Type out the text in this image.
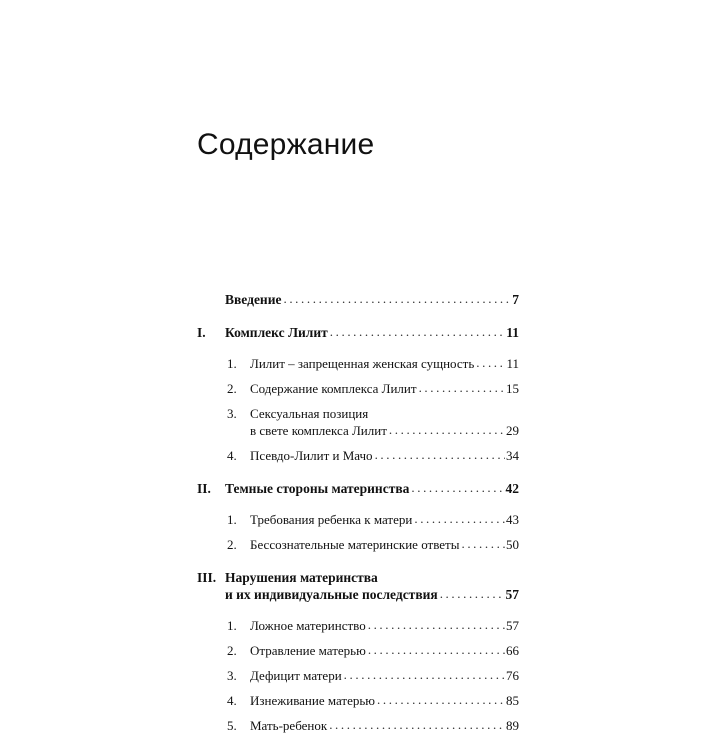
Содержание
Введение .....	7
I.	Комплекс Лилит .....	11
1.	Лилит – запрещенная женская сущность ..... 11
2.	Содержание комплекса Лилит .....	15
3.	Сексуальная позиция
в свете комплекса Лилит .....	29
4.	Псевдо-Лилит и Мачо .....	34
II.	Темные стороны материнства .....	42
1.	Требования ребенка к матери .....	43
2.	Бессознательные материнские ответы .....	50
III. Нарушения материнства
и их индивидуальные последствия .....	57
1.	Ложное материнство .....	57
2.	Отравление матерью .....	66
3.	Дефицит матери .....	76
4.	Изнеживание матерью .....	85
5.	Мать-ребенок .....	89
